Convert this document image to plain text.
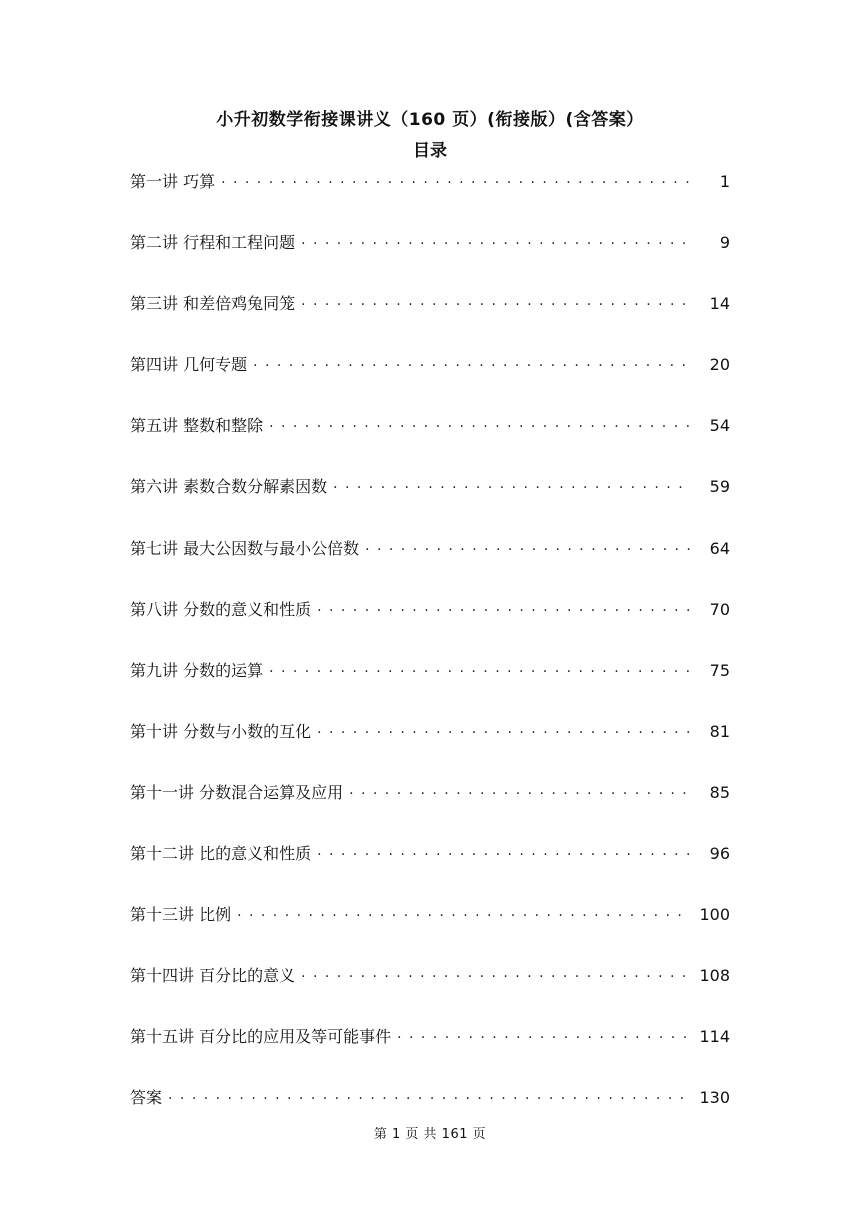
小升初数学衔接课讲义（160 页）(衔接版）(含答案）
目录
第一讲 巧算 · · ·	1
第二讲 行程和工程问题 · · ·	9
第三讲 和差倍鸡兔同笼 · · ·	14
第四讲 几何专题 · · ·	20
第五讲 整数和整除 · · ·	54
第六讲 素数合数分解素因数 · · ·	59
第七讲 最大公因数与最小公倍数 · · ·	64
第八讲 分数的意义和性质 · · ·	70
第九讲 分数的运算 · · ·	75
第十讲 分数与小数的互化 · · ·	81
第十一讲 分数混合运算及应用 · · ·	85
第十二讲 比的意义和性质 · · ·	96
第十三讲 比例 · · ·	100
第十四讲 百分比的意义 · · ·	108
第十五讲 百分比的应用及等可能事件 · · ·	114
答案 · · ·	130
第 1 页 共 161 页
